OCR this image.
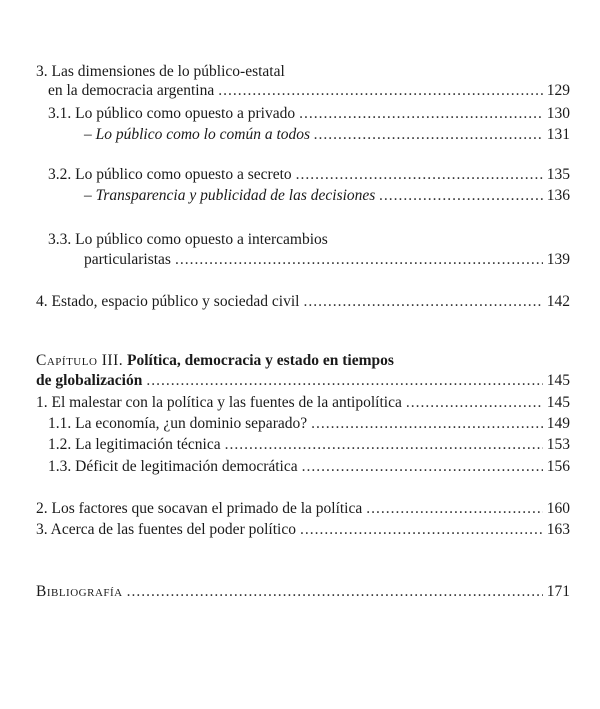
3. Las dimensiones de lo público-estatal
en la democracia argentina .....	129
3.1. Lo público como opuesto a privado .....	130
– Lo público como lo común a todos .....	131
3.2. Lo público como opuesto a secreto .....	135
– Transparencia y publicidad de las decisiones .....	136
3.3. Lo público como opuesto a intercambios
particularistas .....	139
4. Estado, espacio público y sociedad civil .....	142
Capítulo III. Política, democracia y estado en tiempos
de globalización .....	145
1. El malestar con la política y las fuentes de la antipolítica .....	145
1.1. La economía, ¿un dominio separado? .....	149
1.2. La legitimación técnica .....	153
1.3. Déficit de legitimación democrática .....	156
2. Los factores que socavan el primado de la política .....	160
3. Acerca de las fuentes del poder político .....	163
Bibliografía .....	171
